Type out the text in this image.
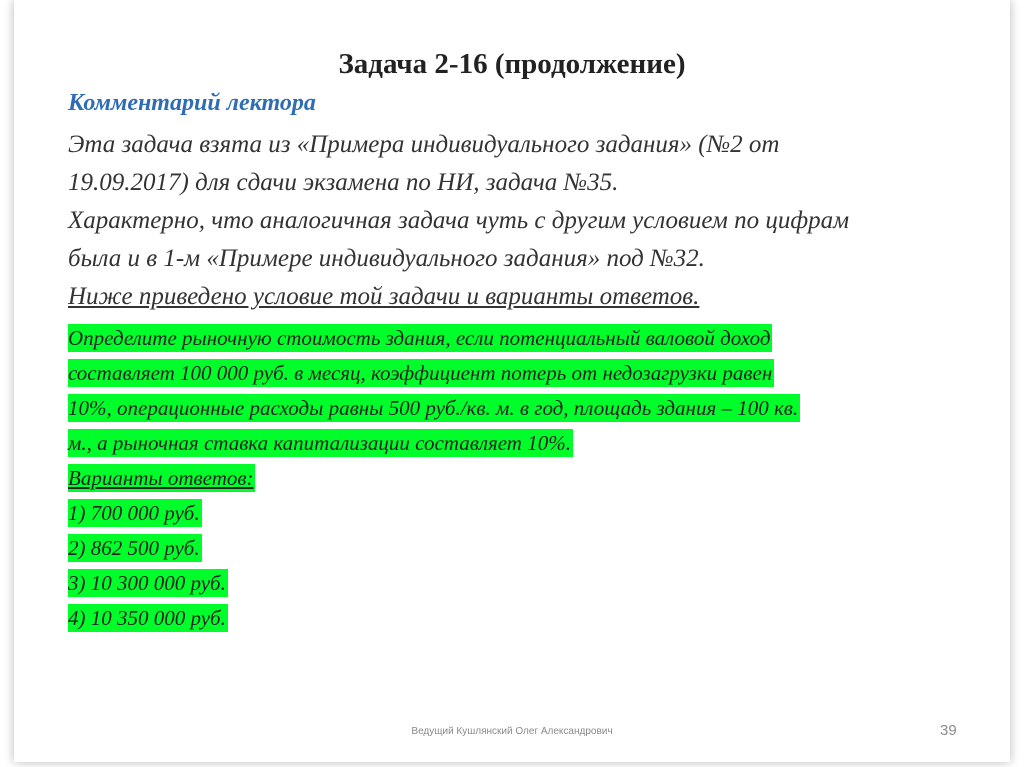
Задача 2-16 (продолжение)
Комментарий лектора
Эта задача взята из «Примера индивидуального задания» (№2 от
19.09.2017) для сдачи экзамена по НИ, задача №35.
Характерно, что аналогичная задача чуть с другим условием по цифрам
была и в 1-м «Примере индивидуального задания» под №32.
Ниже приведено условие той задачи и варианты ответов.
Определите рыночную стоимость здания, если потенциальный валовой доход
составляет 100 000 руб. в месяц, коэффициент потерь от недозагрузки равен
10%, операционные расходы равны 500 руб./кв. м. в год, площадь здания – 100 кв.
м., а рыночная ставка капитализации составляет 10%.
Варианты ответов:
1) 700 000 руб.
2) 862 500 руб.
3) 10 300 000 руб.
4) 10 350 000 руб.
Ведущий Кушлянский Олег Александрович	39
